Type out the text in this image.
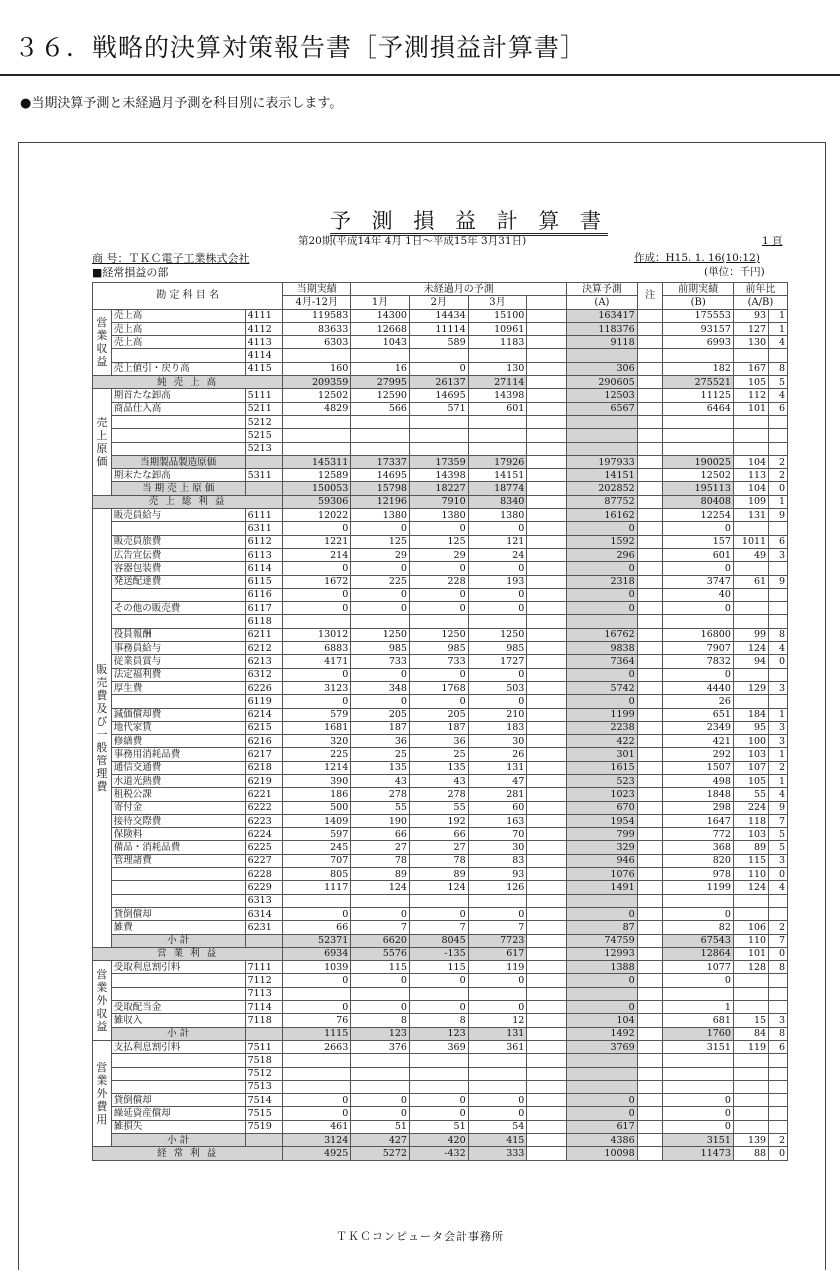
３６．戦略的決算対策報告書［予測損益計算書］
●当期決算予測と未経過月予測を科目別に表示します。
予 測 損 益 計 算 書
第20期(平成14年 4月 1日～平成15年 3月31日)	1 頁
商 号：ＴＫＣ電子工業株式会社	作成：H15. 1. 16(10:12)
■経常損益の部	(単位：千円)
勘 定 科 目 名			当期実績	未経過月の予測				決算予測	注	前期実績	前年比	
			4月-12月	1月	2月	3月		(A)		(B)	(A/B)	
営業収益	売上高	4111	119583	14300	14434	15100		163417		175553	93	1
	売上高	4112	83633	12668	11114	10961		118376		93157	127	1
	売上高	4113	6303	1043	589	1183		9118		6993	130	4
		4114										
	売上値引・戻り高	4115	160	16	0	130		306		182	167	8
純 売 上 高			209359	27995	26137	27114		290605		275521	105	5
売上原価	期首たな卸高	5111	12502	12590	14695	14398		12503		11125	112	4
	商品仕入高	5211	4829	566	571	601		6567		6464	101	6
		5212										
		5215										
		5213										
	当期製品製造原価		145311	17337	17359	17926		197933		190025	104	2
	期末たな卸高	5311	12589	14695	14398	14151		14151		12502	113	2
	当 期 売 上 原 価		150053	15798	18227	18774		202852		195113	104	0
売 上 総 利 益			59306	12196	7910	8340		87752		80408	109	1
販売費及び一般管理費	販売員給与	6111	12022	1380	1380	1380		16162		12254	131	9
		6311	0	0	0	0		0		0		
	販売員旅費	6112	1221	125	125	121		1592		157	1011	6
	広告宣伝費	6113	214	29	29	24		296		601	49	3
	容器包装費	6114	0	0	0	0		0		0		
	発送配達費	6115	1672	225	228	193		2318		3747	61	9
		6116	0	0	0	0		0		40		
	その他の販売費	6117	0	0	0	0		0		0		
		6118										
	役員報酬	6211	13012	1250	1250	1250		16762		16800	99	8
	事務員給与	6212	6883	985	985	985		9838		7907	124	4
	従業員賞与	6213	4171	733	733	1727		7364		7832	94	0
	法定福利費	6312	0	0	0	0		0		0		
	厚生費	6226	3123	348	1768	503		5742		4440	129	3
		6119	0	0	0	0		0		26		
	減価償却費	6214	579	205	205	210		1199		651	184	1
	地代家賃	6215	1681	187	187	183		2238		2349	95	3
	修繕費	6216	320	36	36	30		422		421	100	3
	事務用消耗品費	6217	225	25	25	26		301		292	103	1
	通信交通費	6218	1214	135	135	131		1615		1507	107	2
	水道光熱費	6219	390	43	43	47		523		498	105	1
	租税公課	6221	186	278	278	281		1023		1848	55	4
	寄付金	6222	500	55	55	60		670		298	224	9
	接待交際費	6223	1409	190	192	163		1954		1647	118	7
	保険料	6224	597	66	66	70		799		772	103	5
	備品・消耗品費	6225	245	27	27	30		329		368	89	5
	管理諸費	6227	707	78	78	83		946		820	115	3
		6228	805	89	89	93		1076		978	110	0
		6229	1117	124	124	126		1491		1199	124	4
		6313										
	貸倒償却	6314	0	0	0	0		0		0		
	雑費	6231	66	7	7	7		87		82	106	2
	小 計		52371	6620	8045	7723		74759		67543	110	7
営 業 利 益			6934	5576	-135	617		12993		12864	101	0
営業外収益	受取利息割引料	7111	1039	115	115	119		1388		1077	128	8
		7112	0	0	0	0		0		0		
		7113										
	受取配当金	7114	0	0	0	0		0		1		
	雑収入	7118	76	8	8	12		104		681	15	3
	小 計		1115	123	123	131		1492		1760	84	8
営業外費用	支払利息割引料	7511	2663	376	369	361		3769		3151	119	6
		7518										
		7512										
		7513										
	貸倒償却	7514	0	0	0	0		0		0		
	繰延資産償却	7515	0	0	0	0		0		0		
	雑損失	7519	461	51	51	54		617		0		
	小 計		3124	427	420	415		4386		3151	139	2
経 常 利 益			4925	5272	-432	333		10098		11473	88	0
ＴＫＣコンピュータ会計事務所
